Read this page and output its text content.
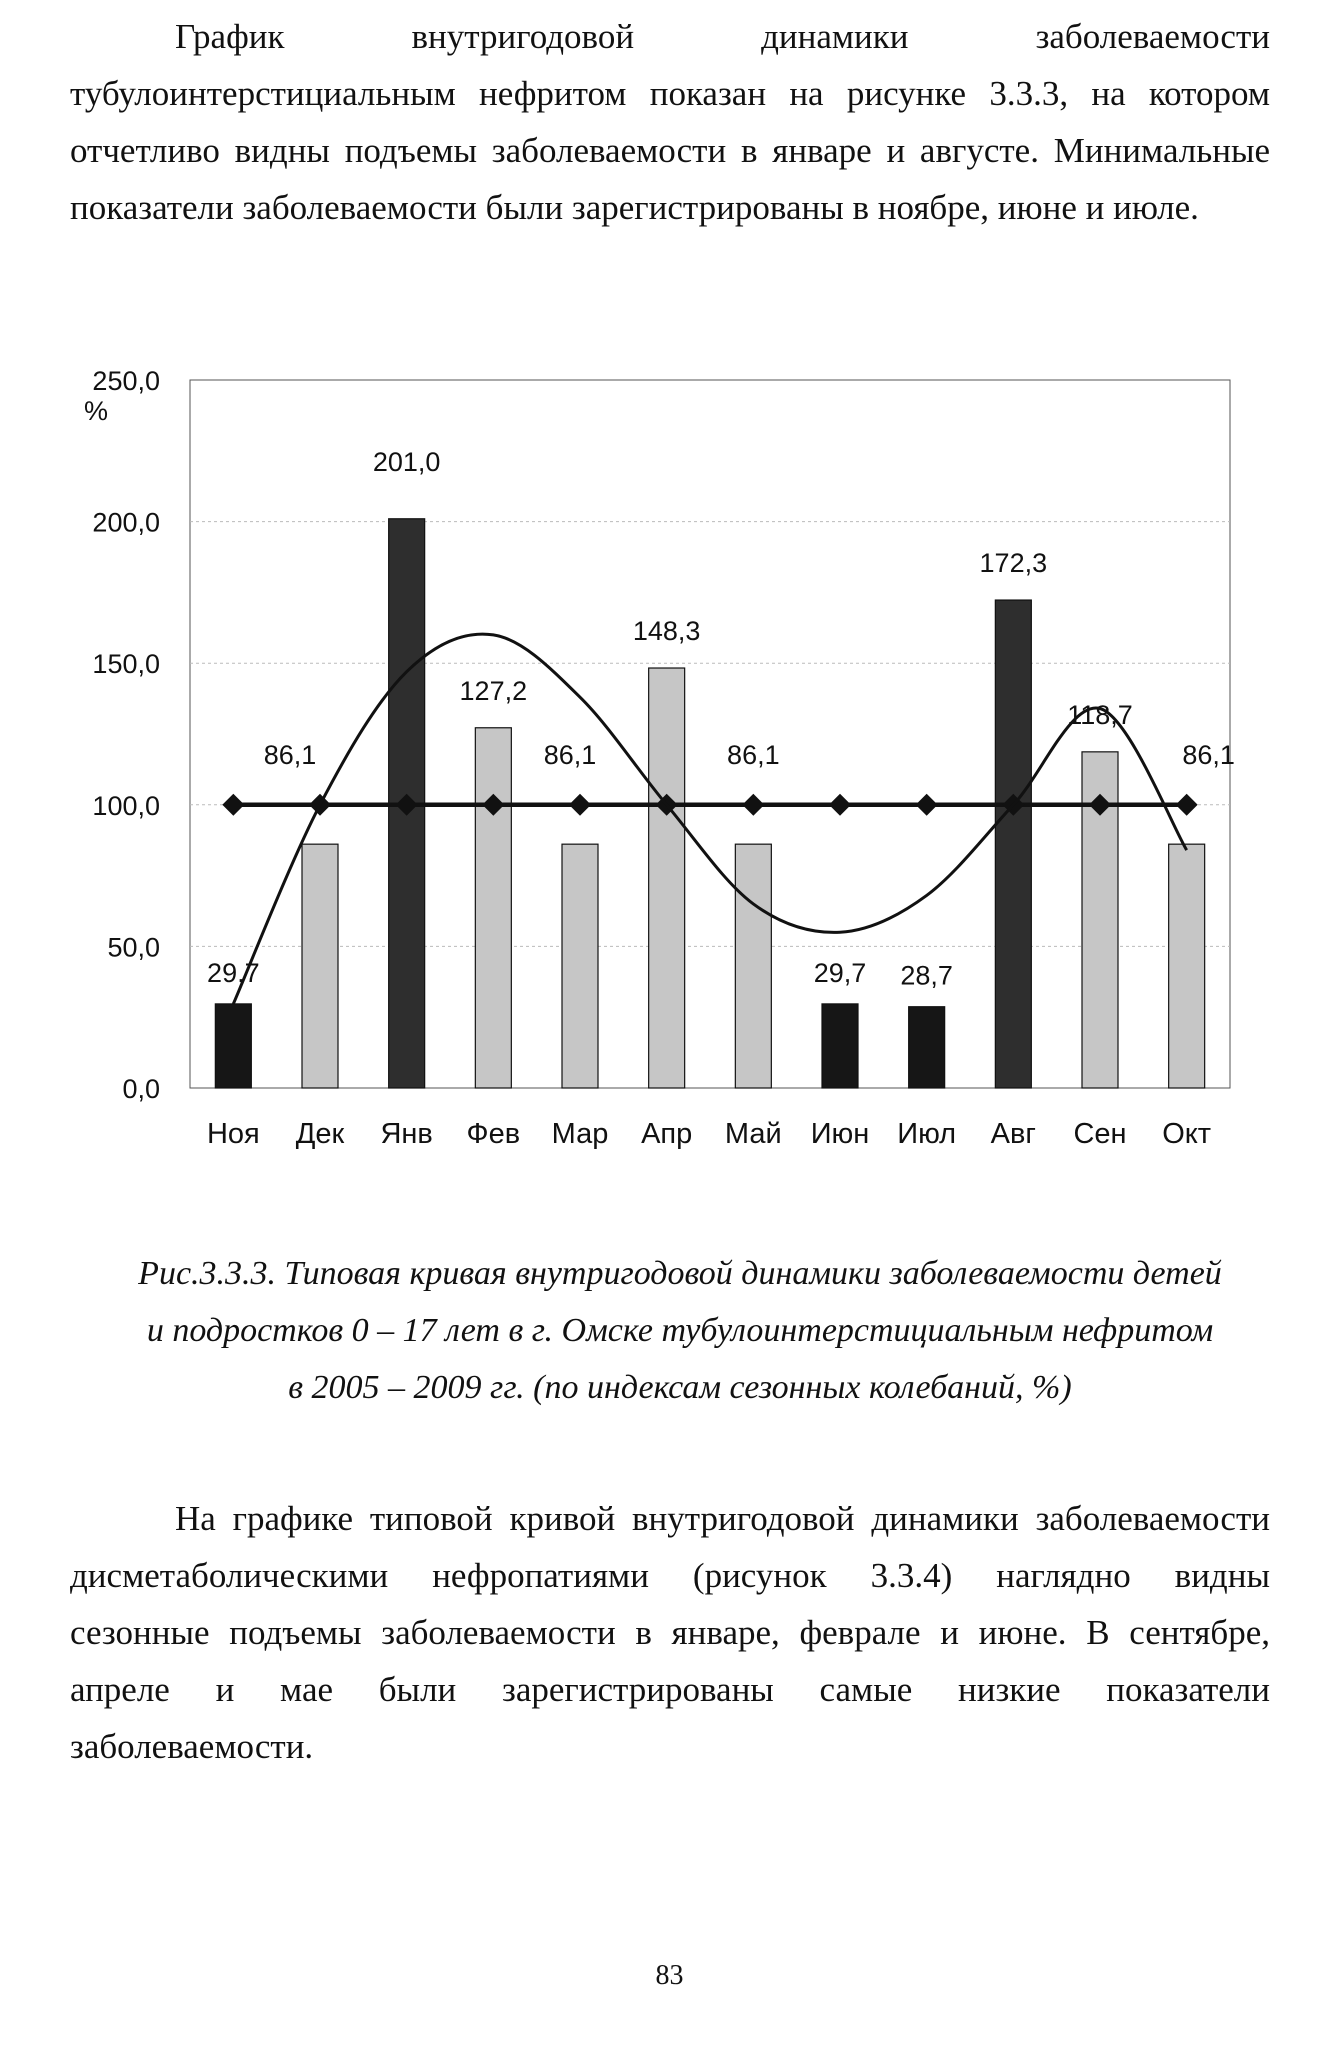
График внутригодовой динамики заболеваемости
тубулоинтерстициальным нефритом показан на рисунке 3.3.3, на котором
отчетливо видны подъемы заболеваемости в январе и августе. Минимальные
показатели заболеваемости были зарегистрированы в ноябре, июне и июле.
0,0
50,0
100,0
150,0
200,0
250,0
%
29,7
86,1
201,0
127,2
86,1
148,3
86,1
29,7 28,7
172,3
118,7
86,1
Ноя Дек Янв Фев Мар Апр Май Июн Июл Авг Сен Окт
Рис.3.3.3. Типовая кривая внутригодовой динамики заболеваемости детей
и подростков 0 – 17 лет в г. Омске тубулоинтерстициальным нефритом
в 2005 – 2009 гг. (по индексам сезонных колебаний, %)
На графике типовой кривой внутригодовой динамики заболеваемости
дисметаболическими нефропатиями (рисунок 3.3.4) наглядно видны
сезонные подъемы заболеваемости в январе, феврале и июне. В сентябре,
апреле и мае были зарегистрированы самые низкие показатели
заболеваемости.
83
